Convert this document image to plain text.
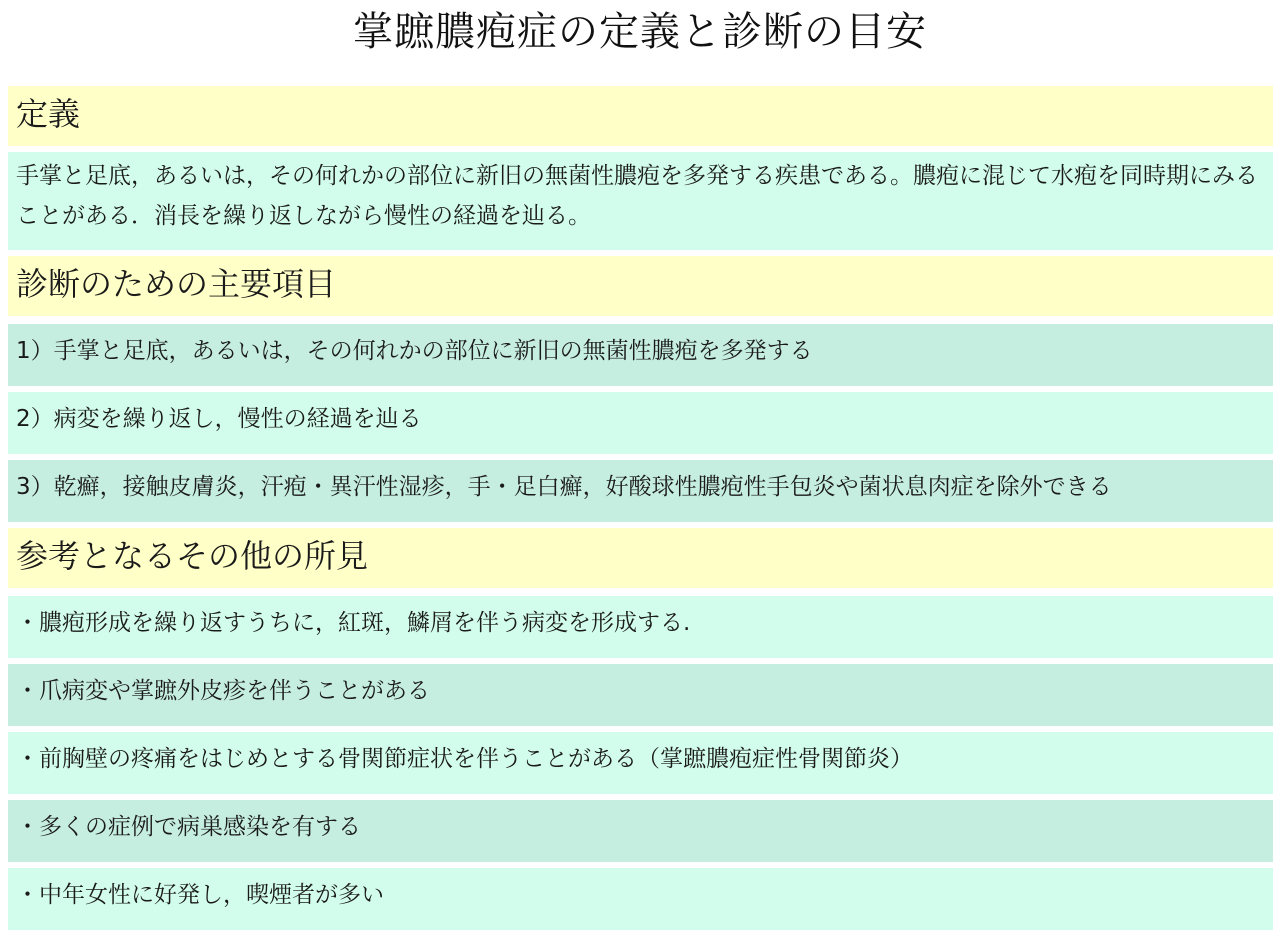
掌蹠膿疱症の定義と診断の目安
定義
手掌と足底，あるいは，その何れかの部位に新旧の無菌性膿疱を多発する疾患である。膿疱に混じて水疱を同時期にみることがある．消長を繰り返しながら慢性の経過を辿る。
診断のための主要項目
1）手掌と足底，あるいは，その何れかの部位に新旧の無菌性膿疱を多発する
2）病変を繰り返し，慢性の経過を辿る
3）乾癬，接触皮膚炎，汗疱・異汗性湿疹，手・足白癬，好酸球性膿疱性手包炎や菌状息肉症を除外できる
参考となるその他の所見
・膿疱形成を繰り返すうちに，紅斑，鱗屑を伴う病変を形成する.
・爪病変や掌蹠外皮疹を伴うことがある
・前胸壁の疼痛をはじめとする骨関節症状を伴うことがある（掌蹠膿疱症性骨関節炎）
・多くの症例で病巣感染を有する
・中年女性に好発し，喫煙者が多い
